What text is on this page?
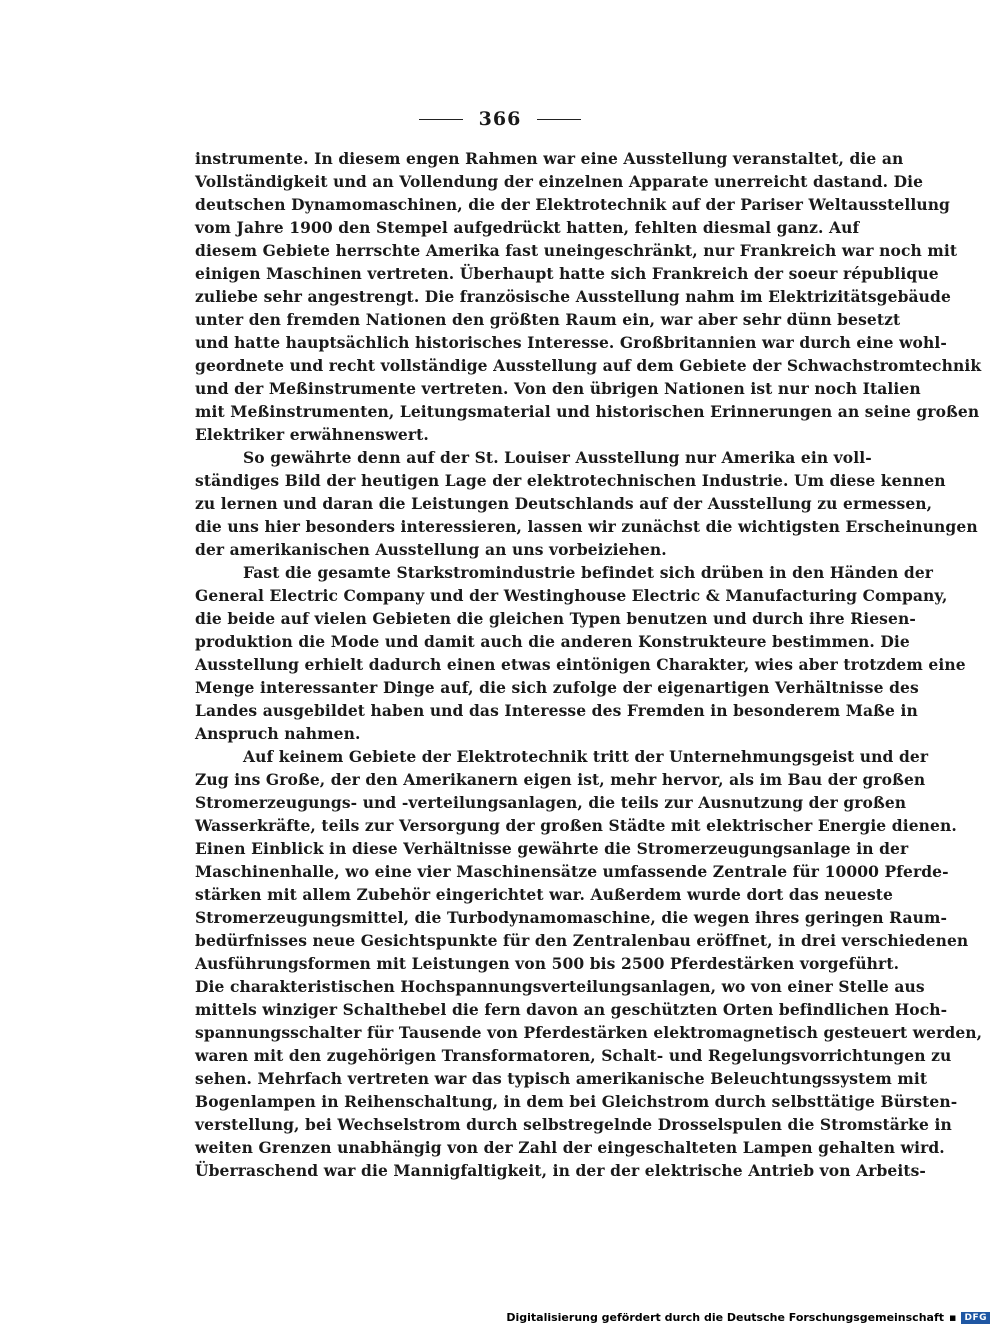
366
instrumente. In diesem engen Rahmen war eine Ausstellung veranstaltet, die an
Vollständigkeit und an Vollendung der einzelnen Apparate unerreicht dastand. Die
deutschen Dynamomaschinen, die der Elektrotechnik auf der Pariser Weltausstellung
vom Jahre 1900 den Stempel aufgedrückt hatten, fehlten diesmal ganz. Auf
diesem Gebiete herrschte Amerika fast uneingeschränkt, nur Frankreich war noch mit
einigen Maschinen vertreten. Überhaupt hatte sich Frankreich der soeur république
zuliebe sehr angestrengt. Die französische Ausstellung nahm im Elektrizitätsgebäude
unter den fremden Nationen den größten Raum ein, war aber sehr dünn besetzt
und hatte hauptsächlich historisches Interesse. Großbritannien war durch eine wohl-
geordnete und recht vollständige Ausstellung auf dem Gebiete der Schwachstromtechnik
und der Meßinstrumente vertreten. Von den übrigen Nationen ist nur noch Italien
mit Meßinstrumenten, Leitungsmaterial und historischen Erinnerungen an seine großen
Elektriker erwähnenswert.
So gewährte denn auf der St. Louiser Ausstellung nur Amerika ein voll-
ständiges Bild der heutigen Lage der elektrotechnischen Industrie. Um diese kennen
zu lernen und daran die Leistungen Deutschlands auf der Ausstellung zu ermessen,
die uns hier besonders interessieren, lassen wir zunächst die wichtigsten Erscheinungen
der amerikanischen Ausstellung an uns vorbeiziehen.
Fast die gesamte Starkstromindustrie befindet sich drüben in den Händen der
General Electric Company und der Westinghouse Electric & Manufacturing Company,
die beide auf vielen Gebieten die gleichen Typen benutzen und durch ihre Riesen-
produktion die Mode und damit auch die anderen Konstrukteure bestimmen. Die
Ausstellung erhielt dadurch einen etwas eintönigen Charakter, wies aber trotzdem eine
Menge interessanter Dinge auf, die sich zufolge der eigenartigen Verhältnisse des
Landes ausgebildet haben und das Interesse des Fremden in besonderem Maße in
Anspruch nahmen.
Auf keinem Gebiete der Elektrotechnik tritt der Unternehmungsgeist und der
Zug ins Große, der den Amerikanern eigen ist, mehr hervor, als im Bau der großen
Stromerzeugungs- und -verteilungsanlagen, die teils zur Ausnutzung der großen
Wasserkräfte, teils zur Versorgung der großen Städte mit elektrischer Energie dienen.
Einen Einblick in diese Verhältnisse gewährte die Stromerzeugungsanlage in der
Maschinenhalle, wo eine vier Maschinensätze umfassende Zentrale für 10000 Pferde-
stärken mit allem Zubehör eingerichtet war. Außerdem wurde dort das neueste
Stromerzeugungsmittel, die Turbodynamomaschine, die wegen ihres geringen Raum-
bedürfnisses neue Gesichtspunkte für den Zentralenbau eröffnet, in drei verschiedenen
Ausführungsformen mit Leistungen von 500 bis 2500 Pferdestärken vorgeführt.
Die charakteristischen Hochspannungsverteilungsanlagen, wo von einer Stelle aus
mittels winziger Schalthebel die fern davon an geschützten Orten befindlichen Hoch-
spannungsschalter für Tausende von Pferdestärken elektromagnetisch gesteuert werden,
waren mit den zugehörigen Transformatoren, Schalt- und Regelungsvorrichtungen zu
sehen. Mehrfach vertreten war das typisch amerikanische Beleuchtungssystem mit
Bogenlampen in Reihenschaltung, in dem bei Gleichstrom durch selbsttätige Bürsten-
verstellung, bei Wechselstrom durch selbstregelnde Drosselspulen die Stromstärke in
weiten Grenzen unabhängig von der Zahl der eingeschalteten Lampen gehalten wird.
Überraschend war die Mannigfaltigkeit, in der der elektrische Antrieb von Arbeits-
Digitalisierung gefördert durch die Deutsche Forschungsgemeinschaft ▪ DFG
